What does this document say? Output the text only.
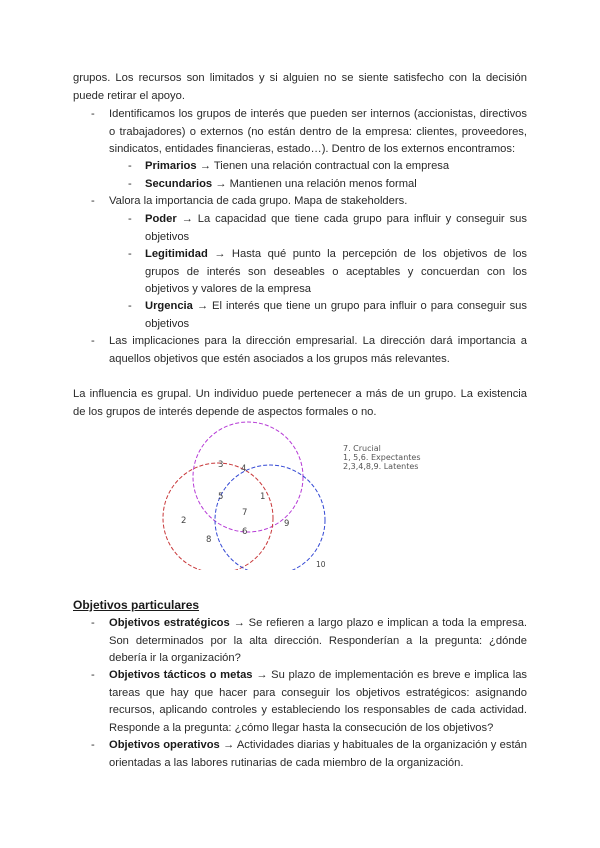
grupos. Los recursos son limitados y si alguien no se siente satisfecho con la decisión puede retirar el apoyo.

- Identificamos los grupos de interés que pueden ser internos (accionistas, directivos o trabajadores) o externos (no están dentro de la empresa: clientes, proveedores, sindicatos, entidades financieras, estado…). Dentro de los externos encontramos:

- Primarios → Tienen una relación contractual con la empresa

- Secundarios → Mantienen una relación menos formal

- Valora la importancia de cada grupo. Mapa de stakeholders.

- Poder → La capacidad que tiene cada grupo para influir y conseguir sus objetivos

- Legitimidad → Hasta qué punto la percepción de los objetivos de los grupos de interés son deseables o aceptables y concuerdan con los objetivos y valores de la empresa

- Urgencia → El interés que tiene un grupo para influir o para conseguir sus objetivos

- Las implicaciones para la dirección empresarial. La dirección dará importancia a aquellos objetivos que estén asociados a los grupos más relevantes.

La influencia es grupal. Un individuo puede pertenecer a más de un grupo. La existencia de los grupos de interés depende de aspectos formales o no.

3 4
5	1
7
2
6
9
8
10
7. Crucial
1, 5,6. Expectantes
2,3,4,8,9. Latentes

Objetivos particulares

- Objetivos estratégicos → Se refieren a largo plazo e implican a toda la empresa. Son determinados por la alta dirección. Responderían a la pregunta: ¿dónde debería ir la organización?

- Objetivos tácticos o metas → Su plazo de implementación es breve e implica las tareas que hay que hacer para conseguir los objetivos estratégicos: asignando recursos, aplicando controles y estableciendo los responsables de cada actividad. Responde a la pregunta: ¿cómo llegar hasta la consecución de los objetivos?

- Objetivos operativos → Actividades diarias y habituales de la organización y están orientadas a las labores rutinarias de cada miembro de la organización.
